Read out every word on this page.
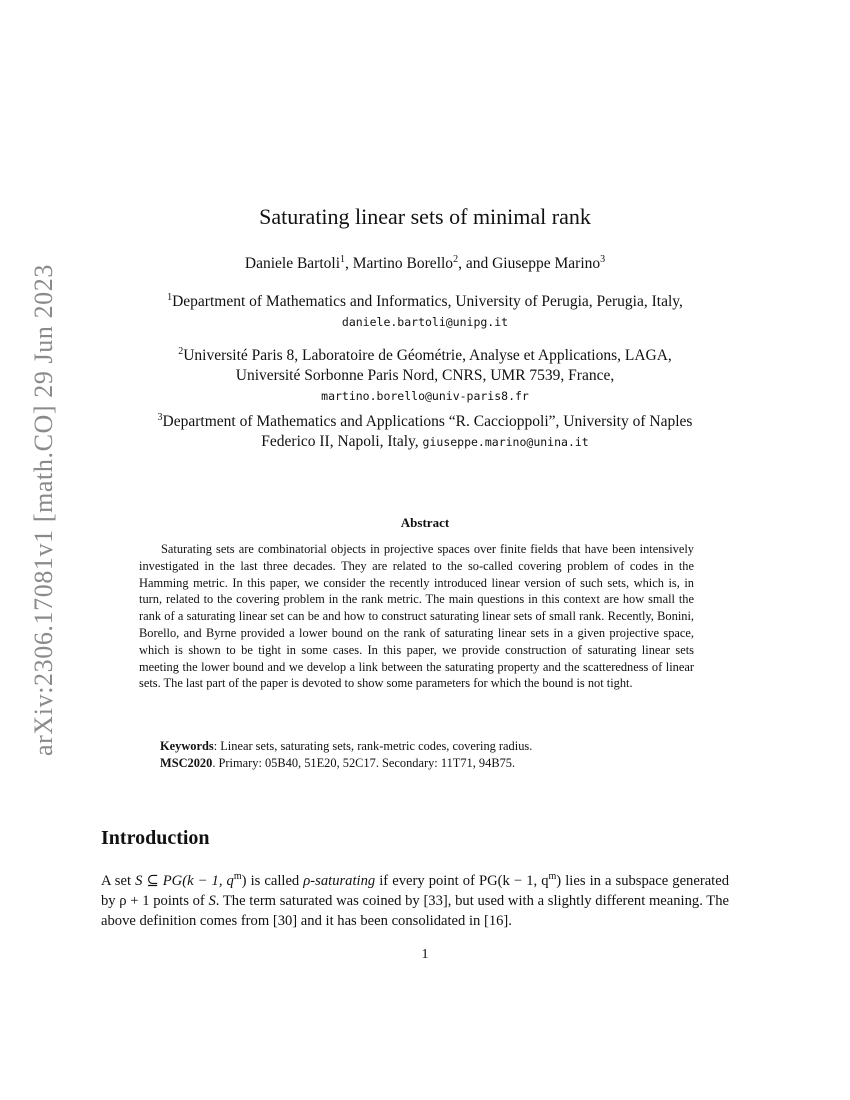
arXiv:2306.17081v1 [math.CO] 29 Jun 2023
Saturating linear sets of minimal rank
Daniele Bartoli$^1$, Martino Borello$^2$, and Giuseppe Marino$^3$
$^1$Department of Mathematics and Informatics, University of Perugia, Perugia, Italy,
daniele.bartoli@unipg.it
$^2$Université Paris 8, Laboratoire de Géométrie, Analyse et Applications, LAGA,
Université Sorbonne Paris Nord, CNRS, UMR 7539, France,
martino.borello@univ-paris8.fr
$^3$Department of Mathematics and Applications “R. Caccioppoli”, University of Naples
Federico II, Napoli, Italy, giuseppe.marino@unina.it
Abstract
Saturating sets are combinatorial objects in projective spaces over finite fields that have been intensively investigated in the last three decades. They are related to the so-called covering problem of codes in the Hamming metric. In this paper, we consider the recently introduced linear version of such sets, which is, in turn, related to the covering problem in the rank metric. The main questions in this context are how small the rank of a saturating linear set can be and how to construct saturating linear sets of small rank. Recently, Bonini, Borello, and Byrne provided a lower bound on the rank of saturating linear sets in a given projective space, which is shown to be tight in some cases. In this paper, we provide construction of saturating linear sets meeting the lower bound and we develop a link between the saturating property and the scatteredness of linear sets. The last part of the paper is devoted to show some parameters for which the bound is not tight.
Keywords: Linear sets, saturating sets, rank-metric codes, covering radius.
MSC2020. Primary: 05B40, 51E20, 52C17. Secondary: 11T71, 94B75.
Introduction
A set S ⊆ PG(k − 1, $q^m$) is called ρ-saturating if every point of PG(k − 1, $q^m$) lies in a subspace generated by ρ + 1 points of S. The term saturated was coined by [33], but used with a slightly different meaning. The above definition comes from [30] and it has been consolidated in [16].
1
